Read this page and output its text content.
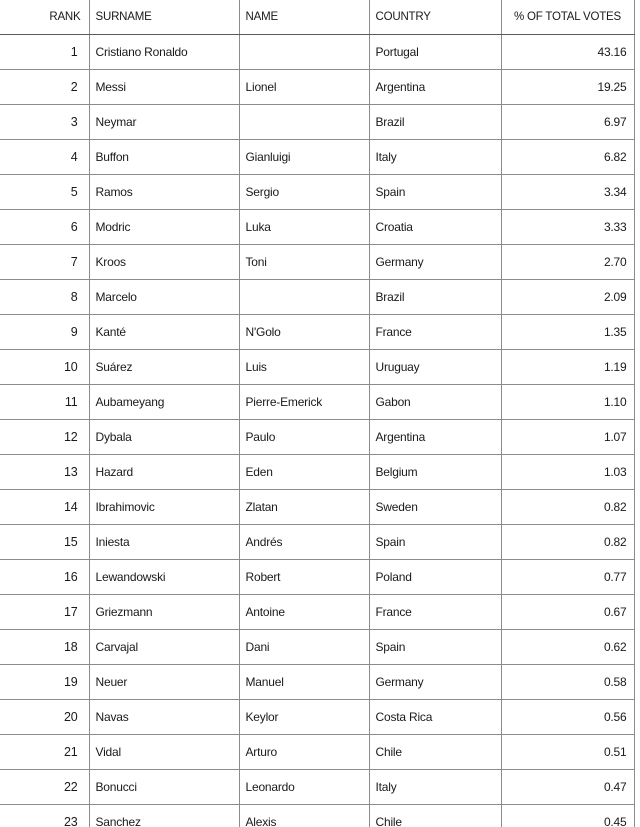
RANK	SURNAME	NAME	COUNTRY	% OF TOTAL VOTES
1	Cristiano Ronaldo		Portugal	43.16
2	Messi	Lionel	Argentina	19.25
3	Neymar		Brazil	6.97
4	Buffon	Gianluigi	Italy	6.82
5	Ramos	Sergio	Spain	3.34
6	Modric	Luka	Croatia	3.33
7	Kroos	Toni	Germany	2.70
8	Marcelo		Brazil	2.09
9	Kanté	N'Golo	France	1.35
10	Suárez	Luis	Uruguay	1.19
11	Aubameyang	Pierre-Emerick	Gabon	1.10
12	Dybala	Paulo	Argentina	1.07
13	Hazard	Eden	Belgium	1.03
14	Ibrahimovic	Zlatan	Sweden	0.82
15	Iniesta	Andrés	Spain	0.82
16	Lewandowski	Robert	Poland	0.77
17	Griezmann	Antoine	France	0.67
18	Carvajal	Dani	Spain	0.62
19	Neuer	Manuel	Germany	0.58
20	Navas	Keylor	Costa Rica	0.56
21	Vidal	Arturo	Chile	0.51
22	Bonucci	Leonardo	Italy	0.47
23	Sanchez	Alexis	Chile	0.45
